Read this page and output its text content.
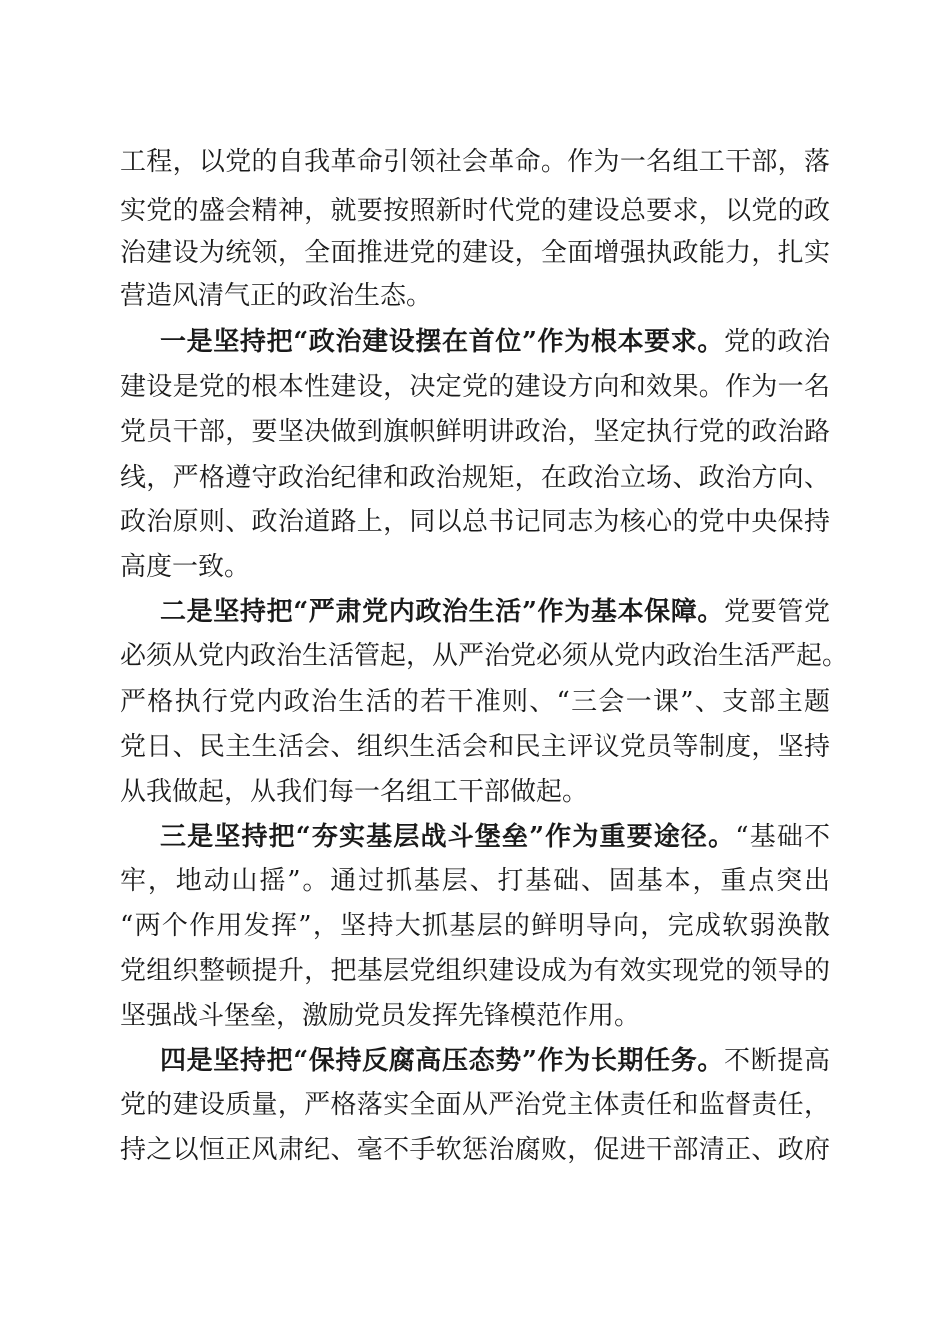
工程，以党的自我革命引领社会革命。作为一名组工干部，落
实党的盛会精神，就要按照新时代党的建设总要求，以党的政
治建设为统领，全面推进党的建设，全面增强执政能力，扎实
营造风清气正的政治生态。
一是坚持把“政治建设摆在首位”作为根本要求。党的政治
建设是党的根本性建设，决定党的建设方向和效果。作为一名
党员干部，要坚决做到旗帜鲜明讲政治，坚定执行党的政治路
线，严格遵守政治纪律和政治规矩，在政治立场、政治方向、
政治原则、政治道路上，同以总书记同志为核心的党中央保持
高度一致。
二是坚持把“严肃党内政治生活”作为基本保障。党要管党
必须从党内政治生活管起，从严治党必须从党内政治生活严起。
严格执行党内政治生活的若干准则、“三会一课”、支部主题
党日、民主生活会、组织生活会和民主评议党员等制度，坚持
从我做起，从我们每一名组工干部做起。
三是坚持把“夯实基层战斗堡垒”作为重要途径。“基础不
牢，地动山摇”。通过抓基层、打基础、固基本，重点突出
“两个作用发挥”，坚持大抓基层的鲜明导向，完成软弱涣散
党组织整顿提升，把基层党组织建设成为有效实现党的领导的
坚强战斗堡垒，激励党员发挥先锋模范作用。
四是坚持把“保持反腐高压态势”作为长期任务。不断提高
党的建设质量，严格落实全面从严治党主体责任和监督责任，
持之以恒正风肃纪、毫不手软惩治腐败，促进干部清正、政府
